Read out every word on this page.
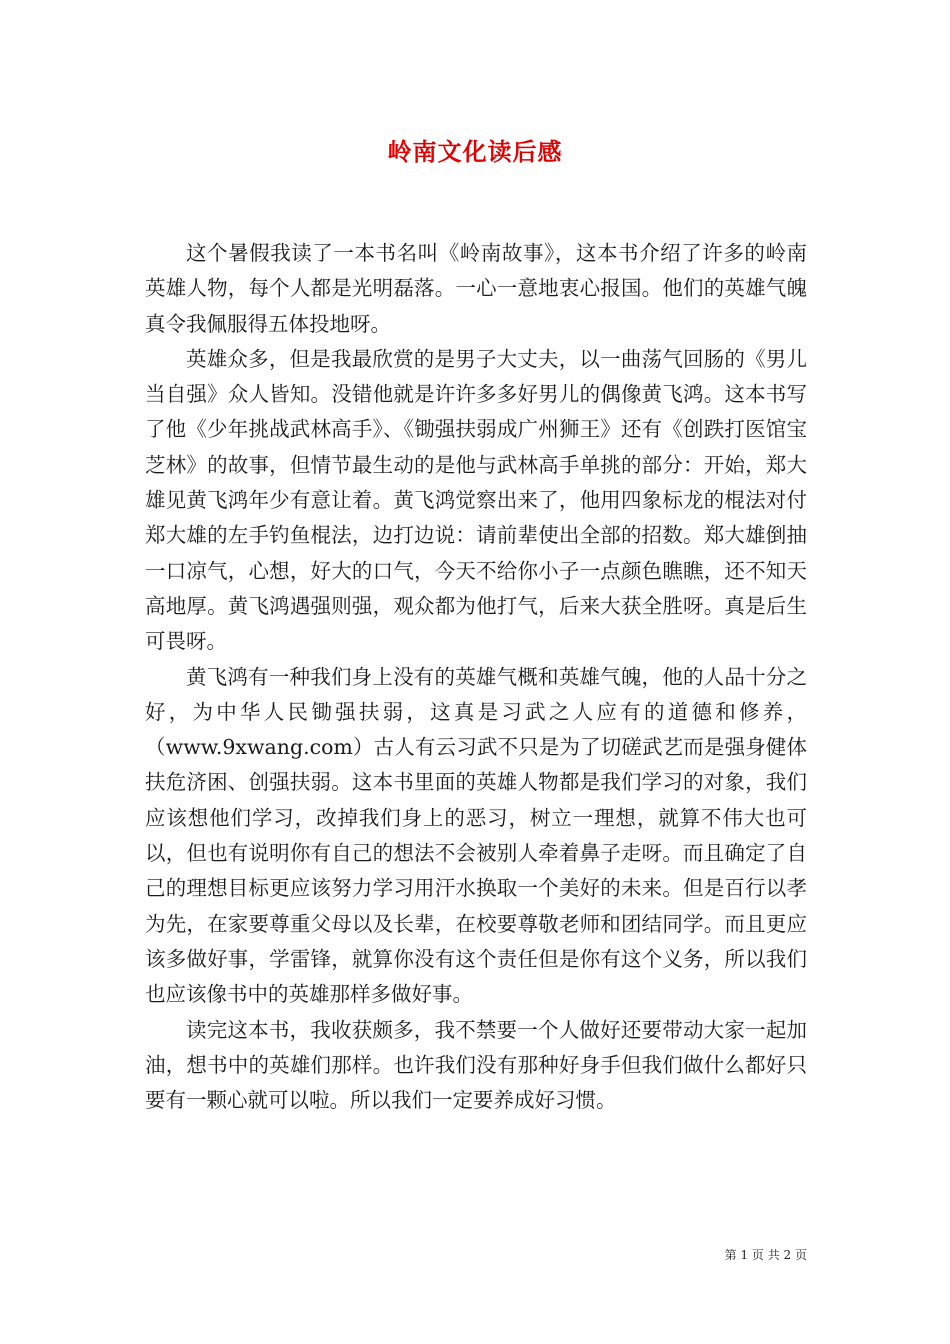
岭南文化读后感

这个暑假我读了一本书名叫《岭南故事》，这本书介绍了许多的岭南英雄人物，每个人都是光明磊落。一心一意地衷心报国。他们的英雄气魄真令我佩服得五体投地呀。

英雄众多，但是我最欣赏的是男子大丈夫，以一曲荡气回肠的《男儿当自强》众人皆知。没错他就是许许多多好男儿的偶像黄飞鸿。这本书写了他《少年挑战武林高手》、《锄强扶弱成广州狮王》还有《创跌打医馆宝芝林》的故事，但情节最生动的是他与武林高手单挑的部分：开始，郑大雄见黄飞鸿年少有意让着。黄飞鸿觉察出来了，他用四象标龙的棍法对付郑大雄的左手钓鱼棍法，边打边说：请前辈使出全部的招数。郑大雄倒抽一口凉气，心想，好大的口气，今天不给你小子一点颜色瞧瞧，还不知天高地厚。黄飞鸿遇强则强，观众都为他打气，后来大获全胜呀。真是后生可畏呀。

黄飞鸿有一种我们身上没有的英雄气概和英雄气魄，他的人品十分之好，为中华人民锄强扶弱，这真是习武之人应有的道德和修养，（www.9xwang.com）古人有云习武不只是为了切磋武艺而是强身健体扶危济困、创强扶弱。这本书里面的英雄人物都是我们学习的对象，我们应该想他们学习，改掉我们身上的恶习，树立一理想，就算不伟大也可以，但也有说明你有自己的想法不会被别人牵着鼻子走呀。而且确定了自己的理想目标更应该努力学习用汗水换取一个美好的未来。但是百行以孝为先，在家要尊重父母以及长辈，在校要尊敬老师和团结同学。而且更应该多做好事，学雷锋，就算你没有这个责任但是你有这个义务，所以我们也应该像书中的英雄那样多做好事。

读完这本书，我收获颇多，我不禁要一个人做好还要带动大家一起加油，想书中的英雄们那样。也许我们没有那种好身手但我们做什么都好只要有一颗心就可以啦。所以我们一定要养成好习惯。

第 1 页 共 2 页
